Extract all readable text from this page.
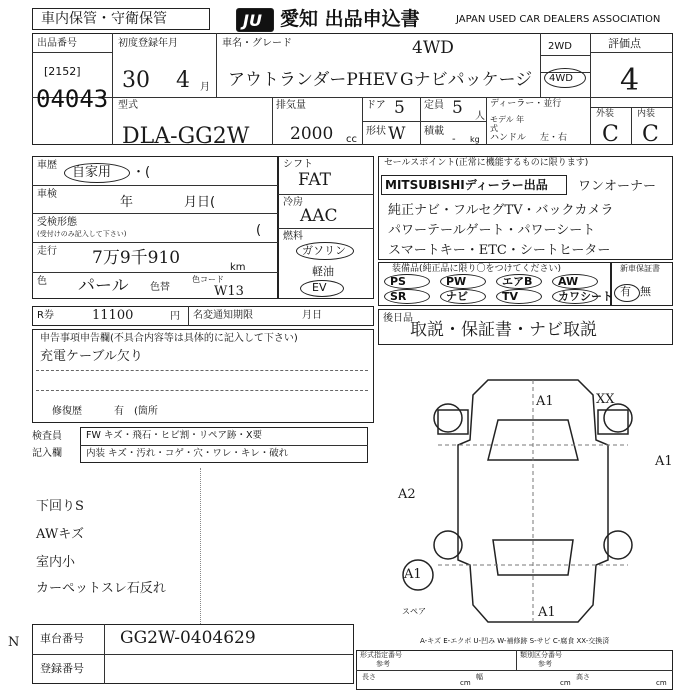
車内保管・守衛保管	JU 愛知 出品申込書	JAPAN USED CAR DEALERS ASSOCIATION
出品番号
[2152]
04043
初度登録年月
30 4 月
車名・グレード	4WD
アウトランダーPHEV Gナビパッケージ
2WD
4WD
評価点
4
外装	内装
C C
型式
DLA-GG2W
排気量
2000 cc
ドア 5 定員 5 人
形状 W 積載
- kg
ディーラー・並行
モデル 年式
ハンドル 左・右
車歴 自家用 ・(
車検
年	月日(
受検形態
(受付けのみ記入して下さい)	(
走行 7万9千910	km
色 パール 色替
色コード
W13
シフト
FAT
冷房
AAC
燃料
ガソリン
軽油
EV
R券	11100	円 名変通知期限	月日
セールスポイント(正常に機能するものに限ります)
MITSUBISHIディーラー出品 ワンオーナー
純正ナビ・フルセグTV・バックカメラ
パワーテールゲート・パワーシート
スマートキー・ETC・シートヒーター
装備品(純正品に限り〇をつけてください)
PS	PW	エアB AW
SR	ナビ	TV	カワシート
新車保証書
有 無
後日品
取説・保証書・ナビ取説
申告事項申告欄(不具合内容等は具体的に記入して下さい)
充電ケーブル欠り
修復歴	有 (箇所
検査員
記入欄
FW キズ・飛石・ヒビ割・リペア跡・X要
内装 キズ・汚れ・コゲ・穴・ワレ・キレ・破れ
下回りS
AWキズ
室内小
カーペットスレ石反れ
A1	XX
A1
A2
A1
A1
スペア
A-キズ E-エクボ U-凹み W-補修跡 S-サビ C-腐食 XX-交換済
N 車台番号 GG2W-0404629
登録番号
形式指定番号	類別区分番号
参考	参考
長さ
cm
幅
cm
高さ
cm
